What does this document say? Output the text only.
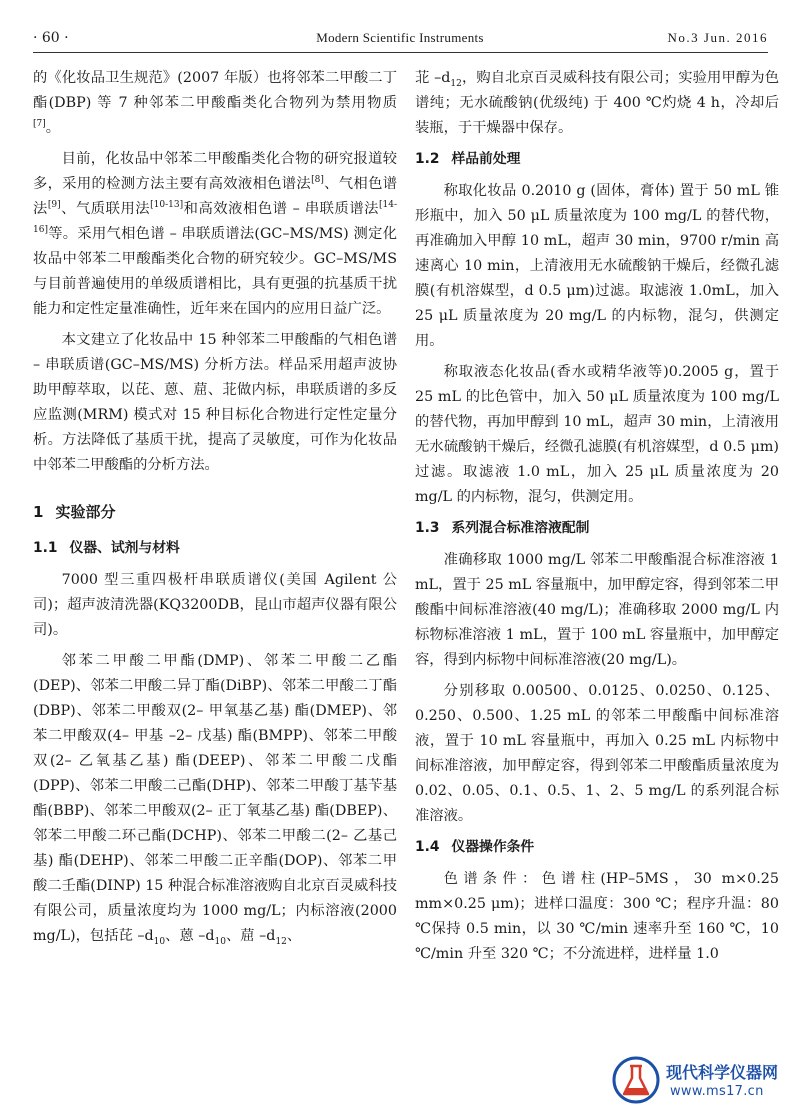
· 60 ·	Modern Scientific Instruments	No.3 Jun. 2016

的《化妆品卫生规范》(2007 年版）也将邻苯二甲酸二丁酯(DBP) 等 7 种邻苯二甲酸酯类化合物列为禁用物质[7]。

目前，化妆品中邻苯二甲酸酯类化合物的研究报道较多，采用的检测方法主要有高效液相色谱法[8]、气相色谱法[9]、气质联用法[10-13]和高效液相色谱 – 串联质谱法[14-16]等。采用气相色谱 – 串联质谱法(GC–MS/MS) 测定化妆品中邻苯二甲酸酯类化合物的研究较少。GC–MS/MS 与目前普遍使用的单级质谱相比，具有更强的抗基质干扰能力和定性定量准确性，近年来在国内的应用日益广泛。

本文建立了化妆品中 15 种邻苯二甲酸酯的气相色谱 – 串联质谱(GC–MS/MS) 分析方法。样品采用超声波协助甲醇萃取，以芘、蒽、䓛、苝做内标，串联质谱的多反应监测(MRM) 模式对 15 种目标化合物进行定性定量分析。方法降低了基质干扰，提高了灵敏度，可作为化妆品中邻苯二甲酸酯的分析方法。

1 实验部分
1.1 仪器、试剂与材料

7000 型三重四极杆串联质谱仪(美国 Agilent 公司)；超声波清洗器(KQ3200DB，昆山市超声仪器有限公司)。

邻苯二甲酸二甲酯(DMP)、邻苯二甲酸二乙酯(DEP)、邻苯二甲酸二异丁酯(DiBP)、邻苯二甲酸二丁酯(DBP)、邻苯二甲酸双(2– 甲氧基乙基) 酯(DMEP)、邻苯二甲酸双(4– 甲基 –2– 戊基) 酯(BMPP)、邻苯二甲酸双(2– 乙氧基乙基) 酯(DEEP)、邻苯二甲酸二戊酯(DPP)、邻苯二甲酸二己酯(DHP)、邻苯二甲酸丁基苄基酯(BBP)、邻苯二甲酸双(2– 正丁氧基乙基) 酯(DBEP)、邻苯二甲酸二环己酯(DCHP)、邻苯二甲酸二(2– 乙基己基) 酯(DEHP)、邻苯二甲酸二正辛酯(DOP)、邻苯二甲酸二壬酯(DINP) 15 种混合标准溶液购自北京百灵威科技有限公司，质量浓度均为 1000 mg/L；内标溶液(2000 mg/L)，包括芘 $-d_{10}$、蒽 $-d_{10}$、䓛 $-d_{12}$、

苝 $-d_{12}$，购自北京百灵威科技有限公司；实验用甲醇为色谱纯；无水硫酸钠(优级纯) 于 400 ℃灼烧 4 h，冷却后装瓶，于干燥器中保存。

1.2 样品前处理

称取化妆品 0.2010 g (固体，膏体) 置于 50 mL 锥形瓶中，加入 50 μL 质量浓度为 100 mg/L 的替代物，再准确加入甲醇 10 mL，超声 30 min，9700 r/min 高速离心 10 min，上清液用无水硫酸钠干燥后，经微孔滤膜(有机溶媒型，d 0.5 μm)过滤。取滤液 1.0mL，加入 25 μL 质量浓度为 20 mg/L 的内标物，混匀，供测定用。

称取液态化妆品(香水或精华液等)0.2005 g，置于 25 mL 的比色管中，加入 50 μL 质量浓度为 100 mg/L 的替代物，再加甲醇到 10 mL，超声 30 min，上清液用无水硫酸钠干燥后，经微孔滤膜(有机溶媒型，d 0.5 μm)过滤。取滤液 1.0 mL，加入 25 μL 质量浓度为 20 mg/L 的内标物，混匀，供测定用。

1.3 系列混合标准溶液配制

准确移取 1000 mg/L 邻苯二甲酸酯混合标准溶液 1 mL，置于 25 mL 容量瓶中，加甲醇定容，得到邻苯二甲酸酯中间标准溶液(40 mg/L)；准确移取 2000 mg/L 内标物标准溶液 1 mL，置于 100 mL 容量瓶中，加甲醇定容，得到内标物中间标准溶液(20 mg/L)。

分别移取 0.00500、0.0125、0.0250、0.125、0.250、0.500、1.25 mL 的邻苯二甲酸酯中间标准溶液，置于 10 mL 容量瓶中，再加入 0.25 mL 内标物中间标准溶液，加甲醇定容，得到邻苯二甲酸酯质量浓度为 0.02、0.05、0.1、0.5、1、2、5 mg/L 的系列混合标准溶液。

1.4 仪器操作条件

色谱条件：色谱柱(HP–5MS，30 m×0.25 mm×0.25 μm)；进样口温度：300 ℃；程序升温：80 ℃保持 0.5 min，以 30 ℃/min 速率升至 160 ℃，10 ℃/min 升至 320 ℃；不分流进样，进样量 1.0

现代科学仪器网
www.ms17.cn
